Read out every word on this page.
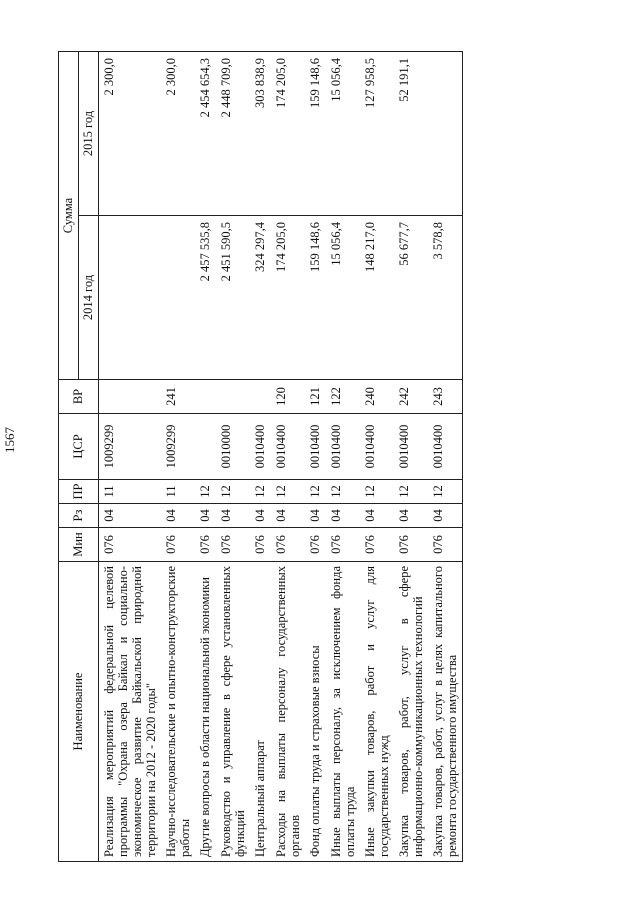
1567
Наименование	Мин	Рз	ПР	ЦСР	ВР	Сумма	
						2014 год	2015 год
Реализация мероприятий федеральной целевой программы "Охрана озера Байкал и социально-экономическое развитие Байкальской природной территории на 2012 - 2020 годы"	076	04	11	1009299			2 300,0
Научно-исследовательские и опытно-конструкторские работы	076	04	11	1009299	241		2 300,0
Другие вопросы в области национальной экономики	076	04	12			2 457 535,8	2 454 654,3
Руководство и управление в сфере установленных функций	076	04	12	0010000		2 451 590,5	2 448 709,0
Центральный аппарат	076	04	12	0010400		324 297,4	303 838,9
Расходы на выплаты персоналу государственных органов	076	04	12	0010400	120	174 205,0	174 205,0
Фонд оплаты труда и страховые взносы	076	04	12	0010400	121	159 148,6	159 148,6
Иные выплаты персоналу, за исключением фонда оплаты труда	076	04	12	0010400	122	15 056,4	15 056,4
Иные закупки товаров, работ и услуг для государственных нужд	076	04	12	0010400	240	148 217,0	127 958,5
Закупка товаров, работ, услуг в сфере информационно-коммуникационных технологий	076	04	12	0010400	242	56 677,7	52 191,1
Закупка товаров, работ, услуг в целях капитального ремонта государственного имущества	076	04	12	0010400	243	3 578,8	
